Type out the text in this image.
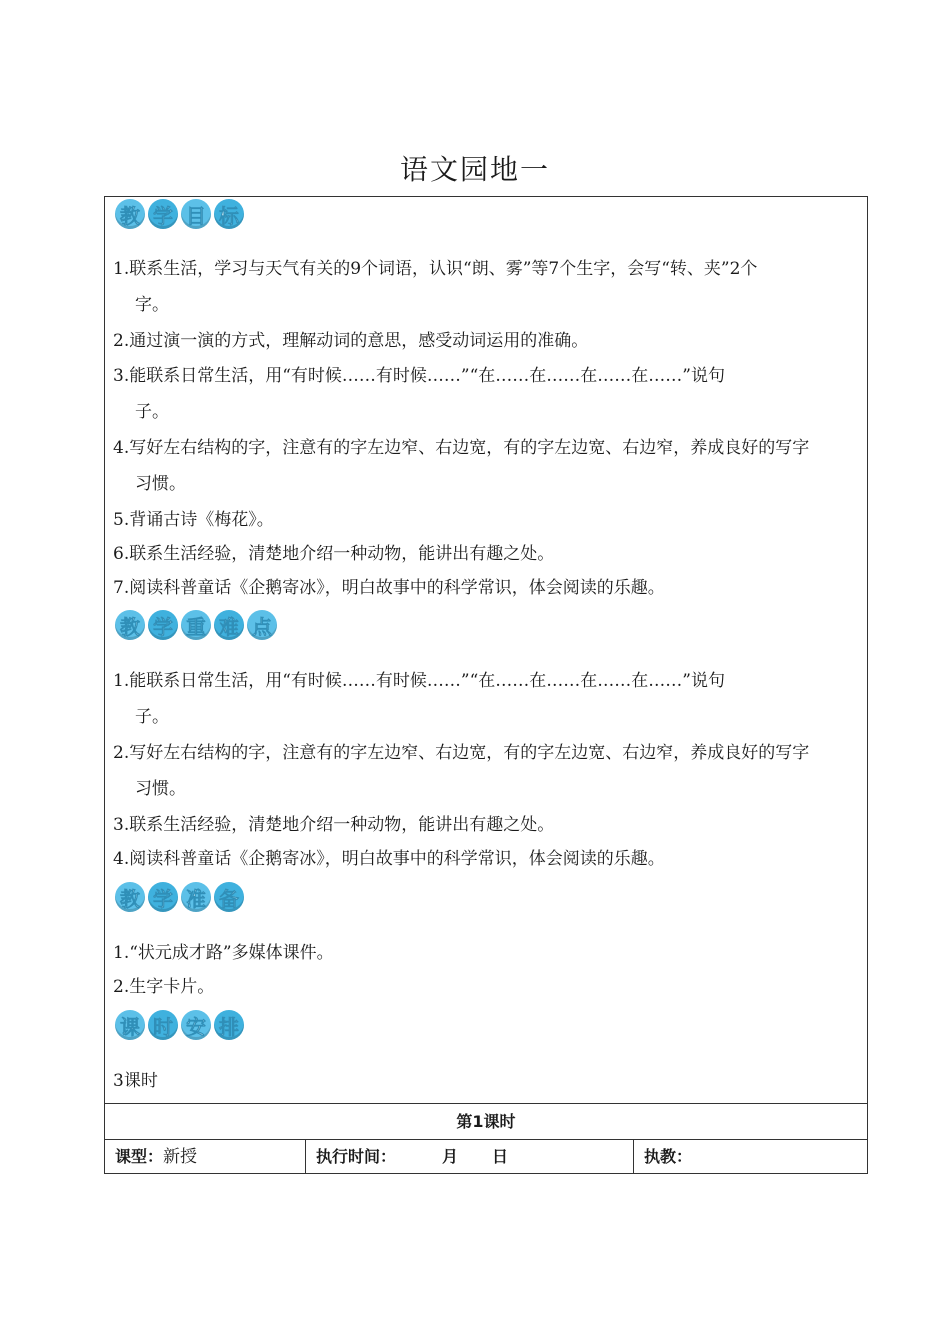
语文园地一
教 学 目 标
1.联系生活，学习与天气有关的9个词语，认识“朗、雾”等7个生字，会写“转、夹”2个
字。
2.通过演一演的方式，理解动词的意思，感受动词运用的准确。
3.能联系日常生活，用“有时候……有时候……”“在……在……在……在……”说句
子。
4.写好左右结构的字，注意有的字左边窄、右边宽，有的字左边宽、右边窄，养成良好的写字
习惯。
5.背诵古诗《梅花》。
6.联系生活经验，清楚地介绍一种动物，能讲出有趣之处。
7.阅读科普童话《企鹅寄冰》，明白故事中的科学常识，体会阅读的乐趣。
教 学 重 难 点
1.能联系日常生活，用“有时候……有时候……”“在……在……在……在……”说句
子。
2.写好左右结构的字，注意有的字左边窄、右边宽，有的字左边宽、右边窄，养成良好的写字
习惯。
3.联系生活经验，清楚地介绍一种动物，能讲出有趣之处。
4.阅读科普童话《企鹅寄冰》，明白故事中的科学常识，体会阅读的乐趣。
教 学 准 备
1.“状元成才路”多媒体课件。
2.生字卡片。
课 时 安 排
3课时
第1课时
课型：新授	执行时间：	月 日	执教：
